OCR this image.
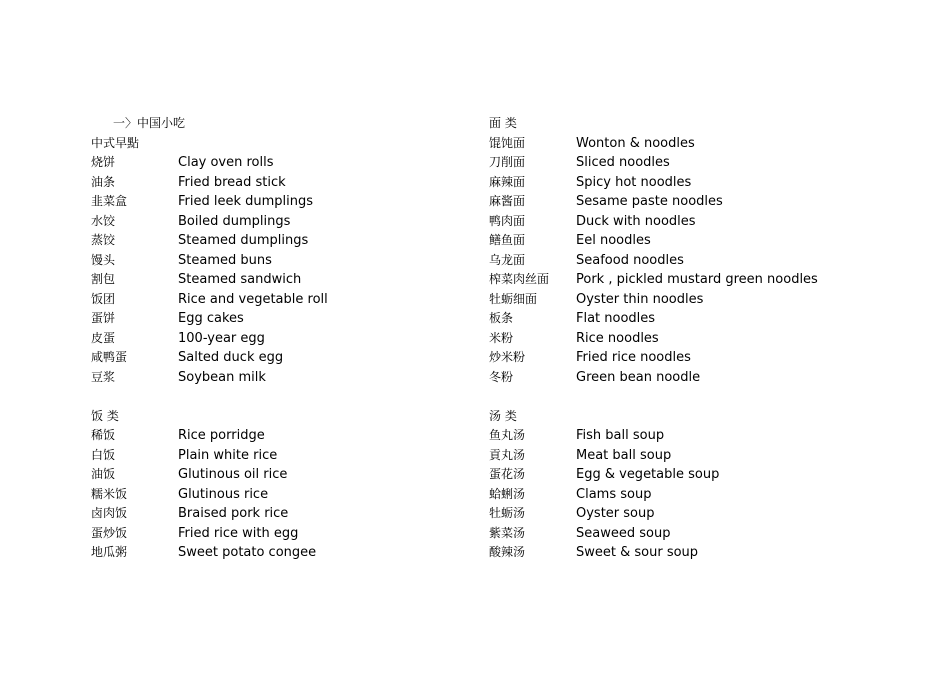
一〉中国小吃
中式早點
烧饼	Clay oven rolls
油条	Fried bread stick
韭菜盒	Fried leek dumplings
水饺	Boiled dumplings
蒸饺	Steamed dumplings
馒头	Steamed buns
割包	Steamed sandwich
饭团	Rice and vegetable roll
蛋饼	Egg cakes
皮蛋	100-year egg
咸鸭蛋	Salted duck egg
豆浆	Soybean milk
饭 类
稀饭	Rice porridge
白饭	Plain white rice
油饭	Glutinous oil rice
糯米饭	Glutinous rice
卤肉饭	Braised pork rice
蛋炒饭	Fried rice with egg
地瓜粥	Sweet potato congee
面 类
馄饨面	Wonton & noodles
刀削面	Sliced noodles
麻辣面	Spicy hot noodles
麻酱面	Sesame paste noodles
鸭肉面	Duck with noodles
鳝鱼面	Eel noodles
乌龙面	Seafood noodles
榨菜肉丝面 Pork , pickled mustard green noodles
牡蛎细面	Oyster thin noodles
板条	Flat noodles
米粉	Rice noodles
炒米粉	Fried rice noodles
冬粉	Green bean noodle
汤 类
鱼丸汤	Fish ball soup
貢丸汤	Meat ball soup
蛋花汤	Egg & vegetable soup
蛤蜊汤	Clams soup
牡蛎汤	Oyster soup
紫菜汤	Seaweed soup
酸辣汤	Sweet & sour soup
